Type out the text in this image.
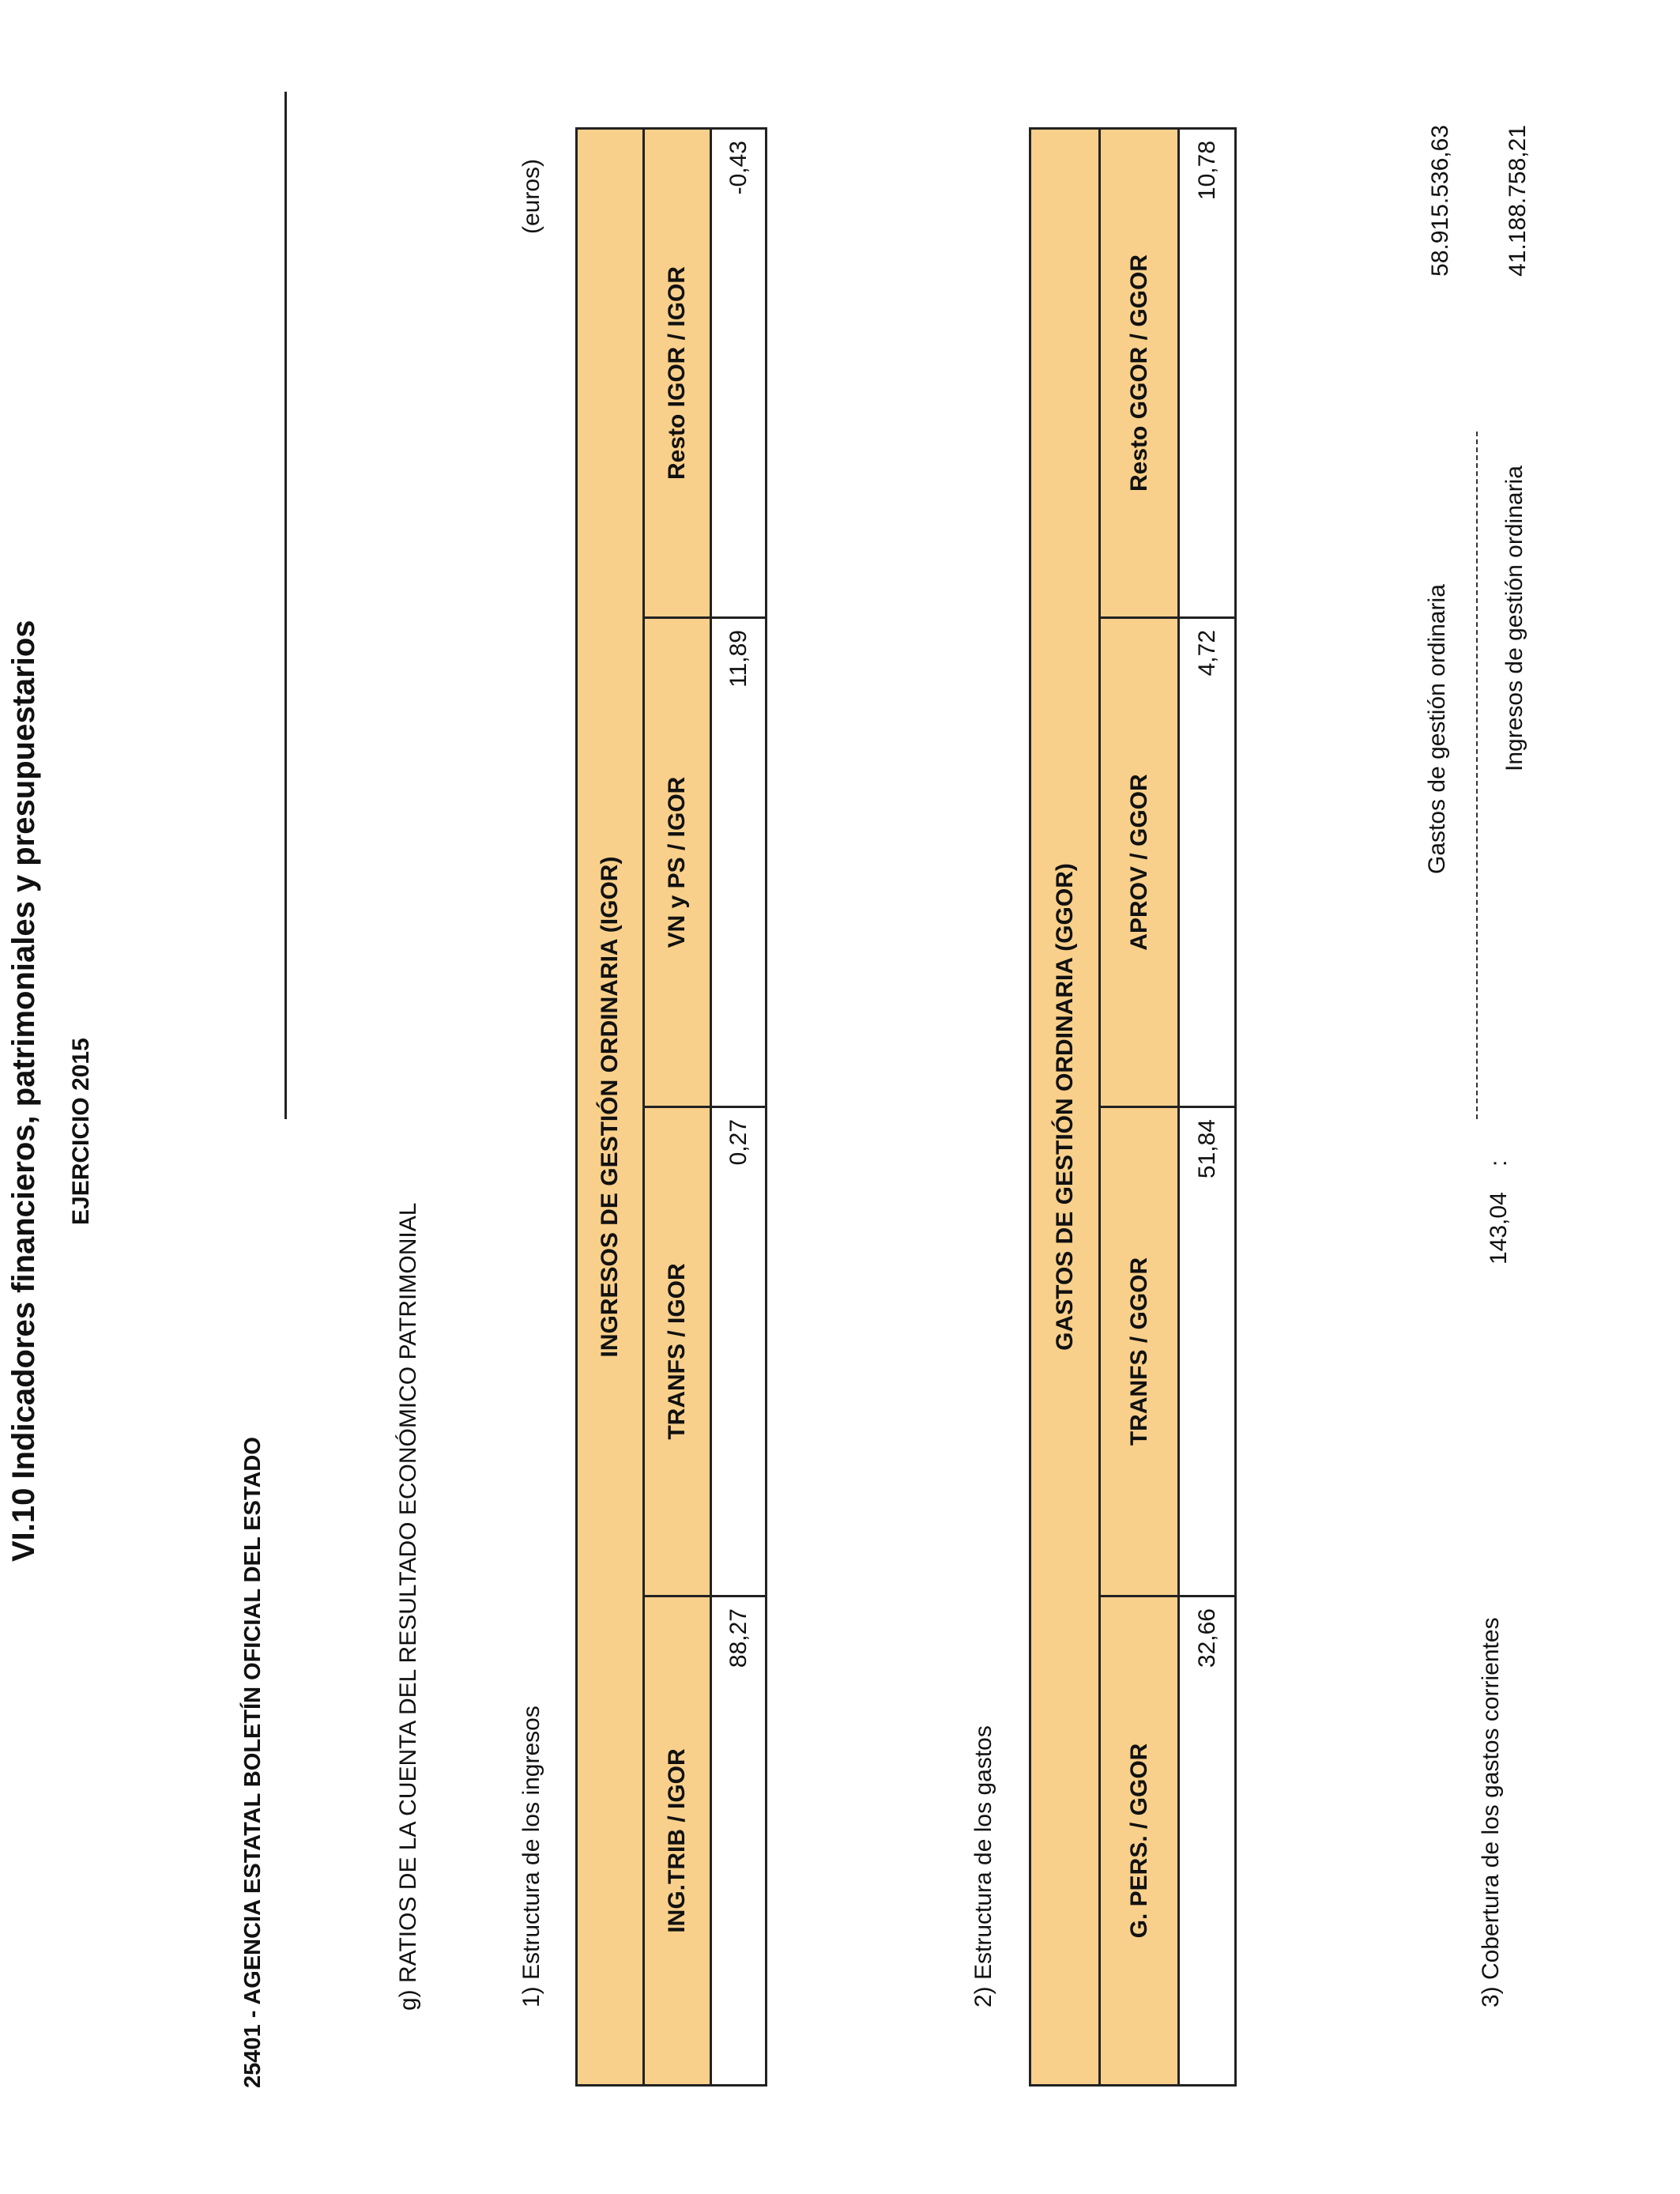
VI.10 Indicadores financieros, patrimoniales y presupuestarios EJERCICIO 2015
25401 - AGENCIA ESTATAL BOLETÍN OFICIAL DEL ESTADO	g) RATIOS DE LA CUENTA DEL RESULTADO ECONÓMICO PATRIMONIAL
(euros)
1) Estructura de los ingresos
INGRESOS DE GESTIÓN ORDINARIA (IGOR)			
ING.TRIB / IGOR	TRANFS / IGOR	VN y PS / IGOR	Resto IGOR / IGOR
88,27	0,27	11,89	-0,43
2) Estructura de los gastos
GASTOS DE GESTIÓN ORDINARIA (GGOR)			
G. PERS. / GGOR	TRANFS / GGOR	APROV / GGOR	Resto GGOR / GGOR
32,66	51,84	4,72	10,78
3) Cobertura de los gastos corrientes
143,04
:
Gastos de gestión ordinaria
58.915.536,63
Ingresos de gestión ordinaria
41.188.758,21
